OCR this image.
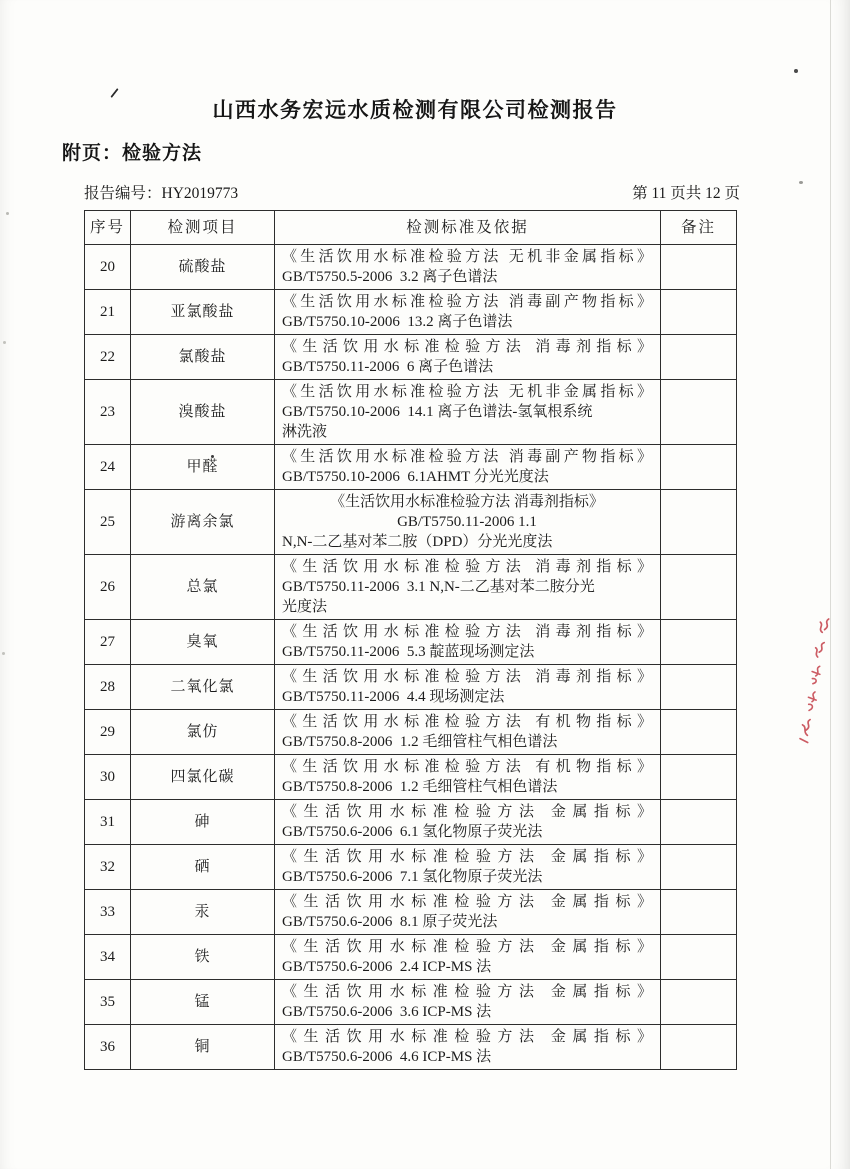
山西水务宏远水质检测有限公司检测报告
附页：检验方法
报告编号：HY2019773	第 11 页共 12 页
序号	检测项目	检测标准及依据	备注
20	硫酸盐	《生活饮用水标准检验方法 无机非金属指标》
GB/T5750.5-2006  3.2 离子色谱法	

21	亚氯酸盐	《生活饮用水标准检验方法 消毒副产物指标》
GB/T5750.10-2006  13.2 离子色谱法	

22	氯酸盐	《生活饮用水标准检验方法 消毒剂指标》
GB/T5750.11-2006  6 离子色谱法	

23	溴酸盐	《生活饮用水标准检验方法 无机非金属指标》
GB/T5750.10-2006  14.1 离子色谱法-氢氧根系统
淋洗液	

24	甲醛	《生活饮用水标准检验方法 消毒副产物指标》
GB/T5750.10-2006  6.1AHMT 分光光度法	

25	游离余氯	《生活饮用水标准检验方法 消毒剂指标》
GB/T5750.11-2006 1.1
N,N-二乙基对苯二胺（DPD）分光光度法	

26	总氯	《生活饮用水标准检验方法 消毒剂指标》
GB/T5750.11-2006  3.1 N,N-二乙基对苯二胺分光
光度法	

27	臭氧	《生活饮用水标准检验方法 消毒剂指标》
GB/T5750.11-2006  5.3 靛蓝现场测定法	

28	二氧化氯	《生活饮用水标准检验方法 消毒剂指标》
GB/T5750.11-2006  4.4 现场测定法	

29	氯仿	《生活饮用水标准检验方法 有机物指标》
GB/T5750.8-2006  1.2 毛细管柱气相色谱法	

30	四氯化碳	《生活饮用水标准检验方法 有机物指标》
GB/T5750.8-2006  1.2 毛细管柱气相色谱法	

31	砷	《生活饮用水标准检验方法 金属指标》
GB/T5750.6-2006  6.1 氢化物原子荧光法	

32	硒	《生活饮用水标准检验方法 金属指标》
GB/T5750.6-2006  7.1 氢化物原子荧光法	

33	汞	《生活饮用水标准检验方法 金属指标》
GB/T5750.6-2006  8.1 原子荧光法	

34	铁	《生活饮用水标准检验方法 金属指标》
GB/T5750.6-2006  2.4 ICP-MS 法	

35	锰	《生活饮用水标准检验方法 金属指标》
GB/T5750.6-2006  3.6 ICP-MS 法	

36	铜	《生活饮用水标准检验方法 金属指标》
GB/T5750.6-2006  4.6 ICP-MS 法	
